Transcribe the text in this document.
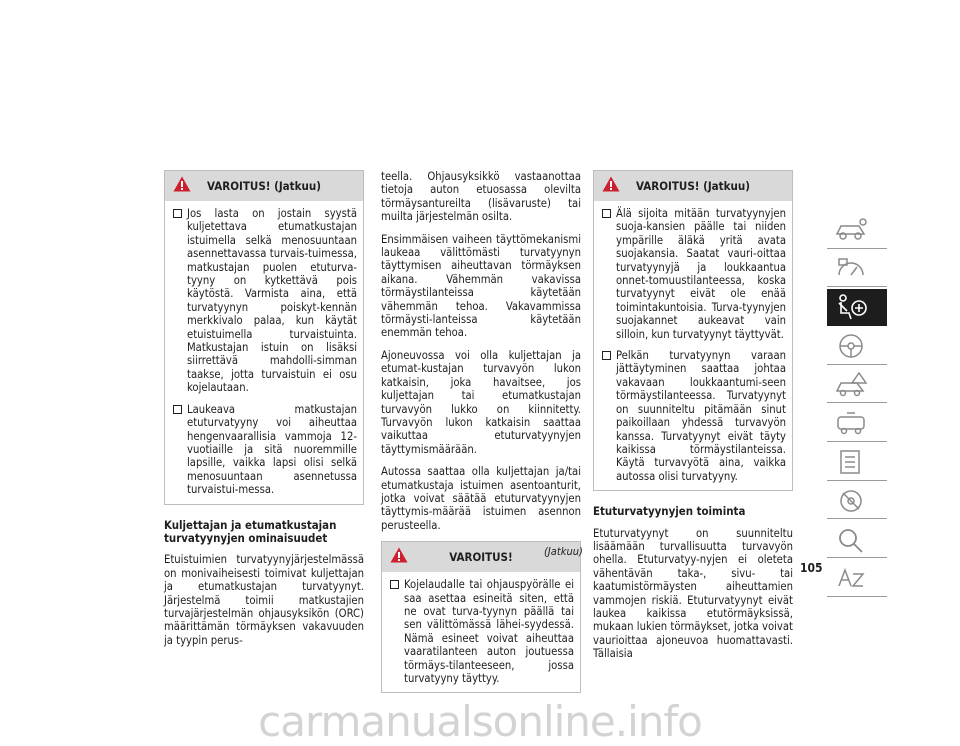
VAROITUS! (Jatkuu)
Jos lasta on jostain syystä kuljetettava etumatkustajan istuimella selkä menosuuntaan asennettavassa turvais-tuimessa, matkustajan puolen etuturva-tyyny on kytkettävä pois käytöstä. Varmista aina, että turvatyynyn poiskyt-kennän merkkivalo palaa, kun käytät etuistuimella turvaistuinta. Matkustajan istuin on lisäksi siirrettävä mahdolli-simman taakse, jotta turvaistuin ei osu kojelautaan.
Laukeava matkustajan etuturvatyyny voi aiheuttaa hengenvaarallisia vammoja 12-vuotiaille ja sitä nuoremmille lapsille, vaikka lapsi olisi selkä menosuuntaan asennetussa turvaistui-messa.
Kuljettajan ja etumatkustajan turvatyynyjen ominaisuudet

Etuistuimien turvatyynyjärjestelmässä on monivaiheisesti toimivat kuljettajan ja etumatkustajan turvatyynyt. Järjestelmä toimii matkustajien turvajärjestelmän ohjausyksikön (ORC) määrittämän törmäyksen vakavuuden ja tyypin perus-

teella. Ohjausyksikkö vastaanottaa tietoja auton etuosassa olevilta törmäysantureilta (lisävaruste) tai muilta järjestelmän osilta.

Ensimmäisen vaiheen täyttömekanismi laukeaa välittömästi turvatyynyn täyttymisen aiheuttavan törmäyksen aikana. Vähemmän vakavissa törmäystilanteissa käytetään vähemmän tehoa. Vakavammissa törmäysti-lanteissa käytetään enemmän tehoa.

Ajoneuvossa voi olla kuljettajan ja etumat-kustajan turvavyön lukon katkaisin, joka havaitsee, jos kuljettajan tai etumatkustajan turvavyön lukko on kiinnitetty. Turvavyön lukon katkaisin saattaa vaikuttaa etuturvatyynyjen täyttymismäärään.

Autossa saattaa olla kuljettajan ja/tai etumatkustaja istuimen asentoanturit, jotka voivat säätää etuturvatyynyjen täyttymis-määrää istuimen asennon perusteella.

VAROITUS!
Kojelaudalle tai ohjauspyörälle ei saa asettaa esineitä siten, että ne ovat turva-tyynyn päällä tai sen välittömässä lähei-syydessä. Nämä esineet voivat aiheuttaa vaaratilanteen auton joutuessa törmäys-tilanteeseen, jossa turvatyyny täyttyy.
(Jatkuu)
VAROITUS! (Jatkuu)
Älä sijoita mitään turvatyynyjen suoja-kansien päälle tai niiden ympärille äläkä yritä avata suojakansia. Saatat vauri-oittaa turvatyynyjä ja loukkaantua onnet-tomuustilanteessa, koska turvatyynyt eivät ole enää toimintakuntoisia. Turva-tyynyjen suojakannet aukeavat vain silloin, kun turvatyynyt täyttyvät.
Pelkän turvatyynyn varaan jättäytyminen saattaa johtaa vakavaan loukkaantumi-seen törmäystilanteessa. Turvatyynyt on suunniteltu pitämään sinut paikoillaan yhdessä turvavyön kanssa. Turvatyynyt eivät täyty kaikissa törmäystilanteissa. Käytä turvavyötä aina, vaikka autossa olisi turvatyyny.
Etuturvatyynyjen toiminta

Etuturvatyynyt on suunniteltu lisäämään turvallisuutta turvavyön ohella. Etuturvatyy-nyjen ei oleteta vähentävän taka-, sivu- tai kaatumistörmäysten aiheuttamien vammojen riskiä. Etuturvatyynyt eivät laukea kaikissa etutörmäyksissä, mukaan lukien törmäykset, jotka voivat vaurioittaa ajoneuvoa huomattavasti. Tällaisia

105
carmanualsonline.info
